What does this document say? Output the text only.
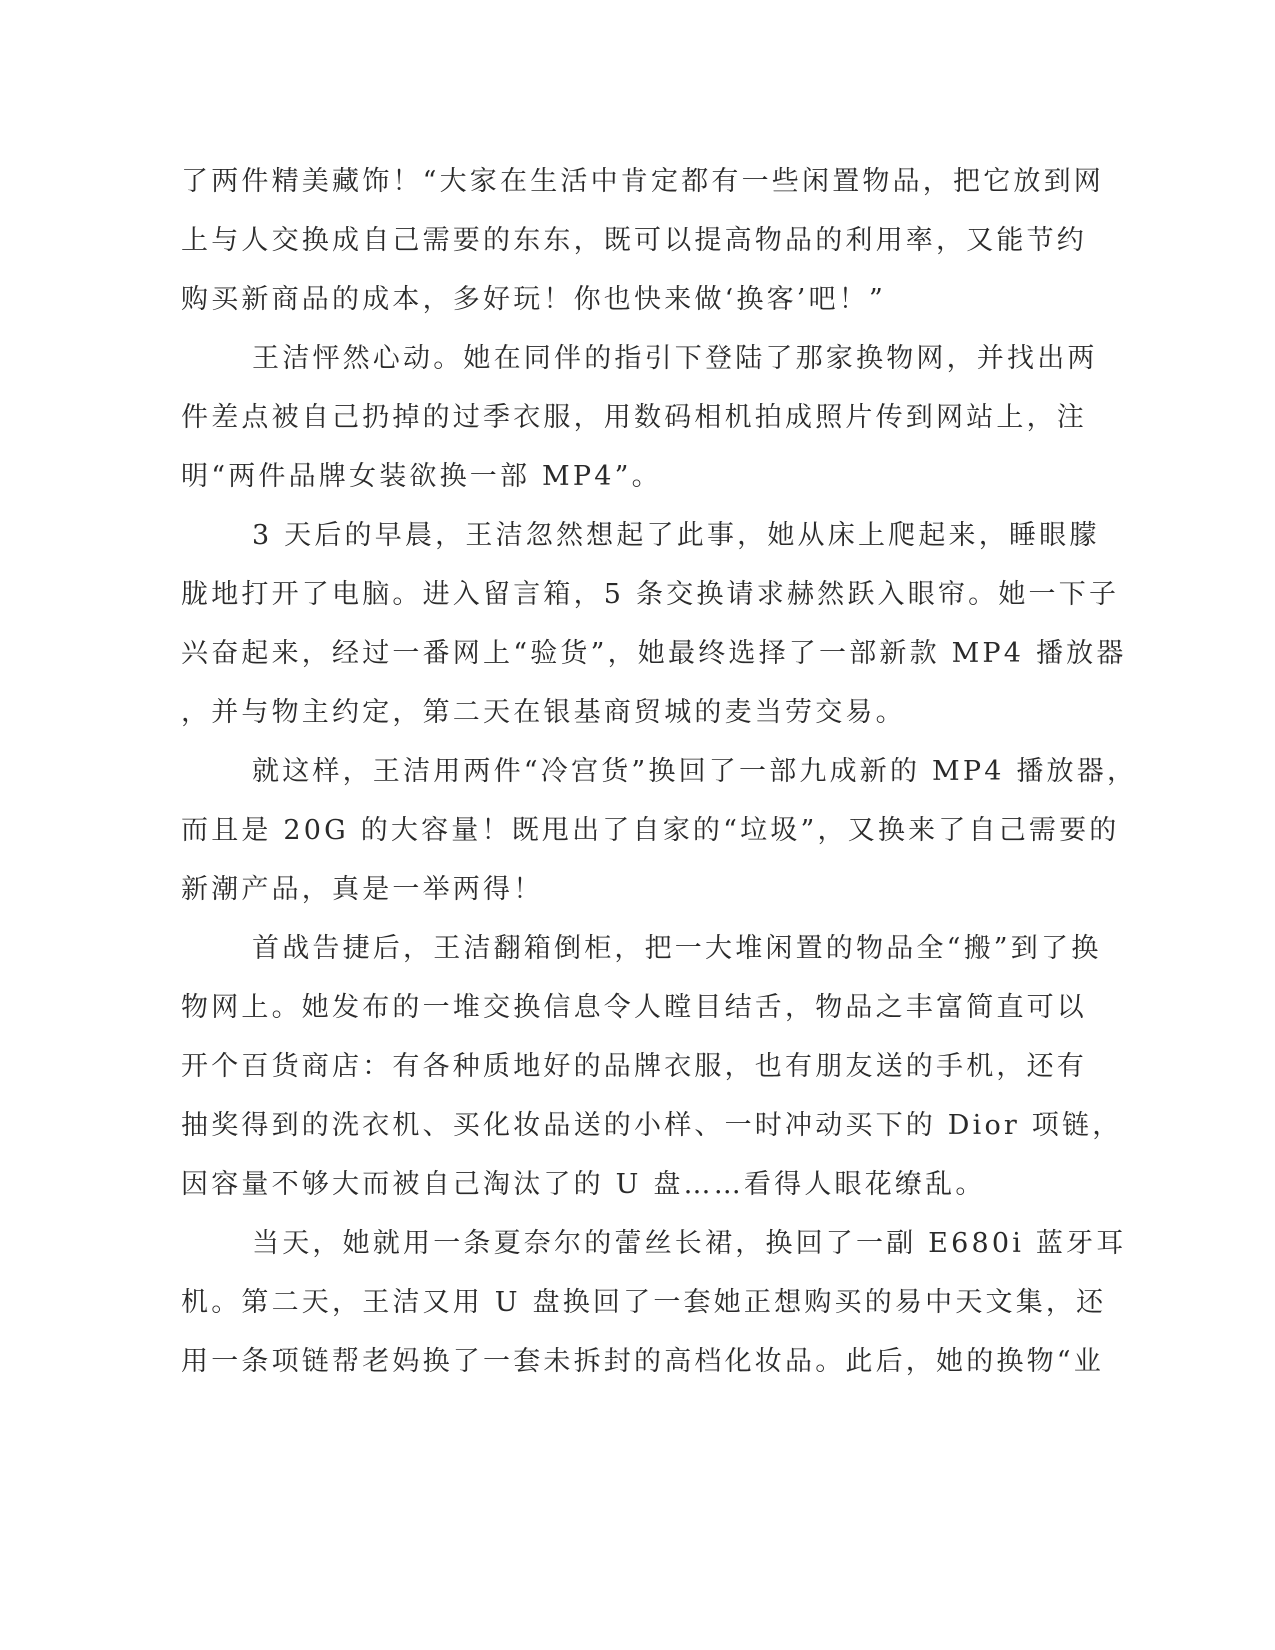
了两件精美藏饰！“大家在生活中肯定都有一些闲置物品，把它放到网
上与人交换成自己需要的东东，既可以提高物品的利用率，又能节约
购买新商品的成本，多好玩！你也快来做‘换客’吧！”
王洁怦然心动。她在同伴的指引下登陆了那家换物网，并找出两
件差点被自己扔掉的过季衣服，用数码相机拍成照片传到网站上，注
明“两件品牌女装欲换一部 MP4”。
3 天后的早晨，王洁忽然想起了此事，她从床上爬起来，睡眼朦
胧地打开了电脑。进入留言箱，5 条交换请求赫然跃入眼帘。她一下子
兴奋起来，经过一番网上“验货”，她最终选择了一部新款 MP4 播放器
，并与物主约定，第二天在银基商贸城的麦当劳交易。
就这样，王洁用两件“冷宫货”换回了一部九成新的 MP4 播放器，
而且是 20G 的大容量！既甩出了自家的“垃圾”，又换来了自己需要的
新潮产品，真是一举两得！
首战告捷后，王洁翻箱倒柜，把一大堆闲置的物品全“搬”到了换
物网上。她发布的一堆交换信息令人瞠目结舌，物品之丰富简直可以
开个百货商店：有各种质地好的品牌衣服，也有朋友送的手机，还有
抽奖得到的洗衣机、买化妆品送的小样、一时冲动买下的 Dior 项链，
因容量不够大而被自己淘汰了的 U 盘……看得人眼花缭乱。
当天，她就用一条夏奈尔的蕾丝长裙，换回了一副 E680i 蓝牙耳
机。第二天，王洁又用 U 盘换回了一套她正想购买的易中天文集，还
用一条项链帮老妈换了一套未拆封的高档化妆品。此后，她的换物“业
